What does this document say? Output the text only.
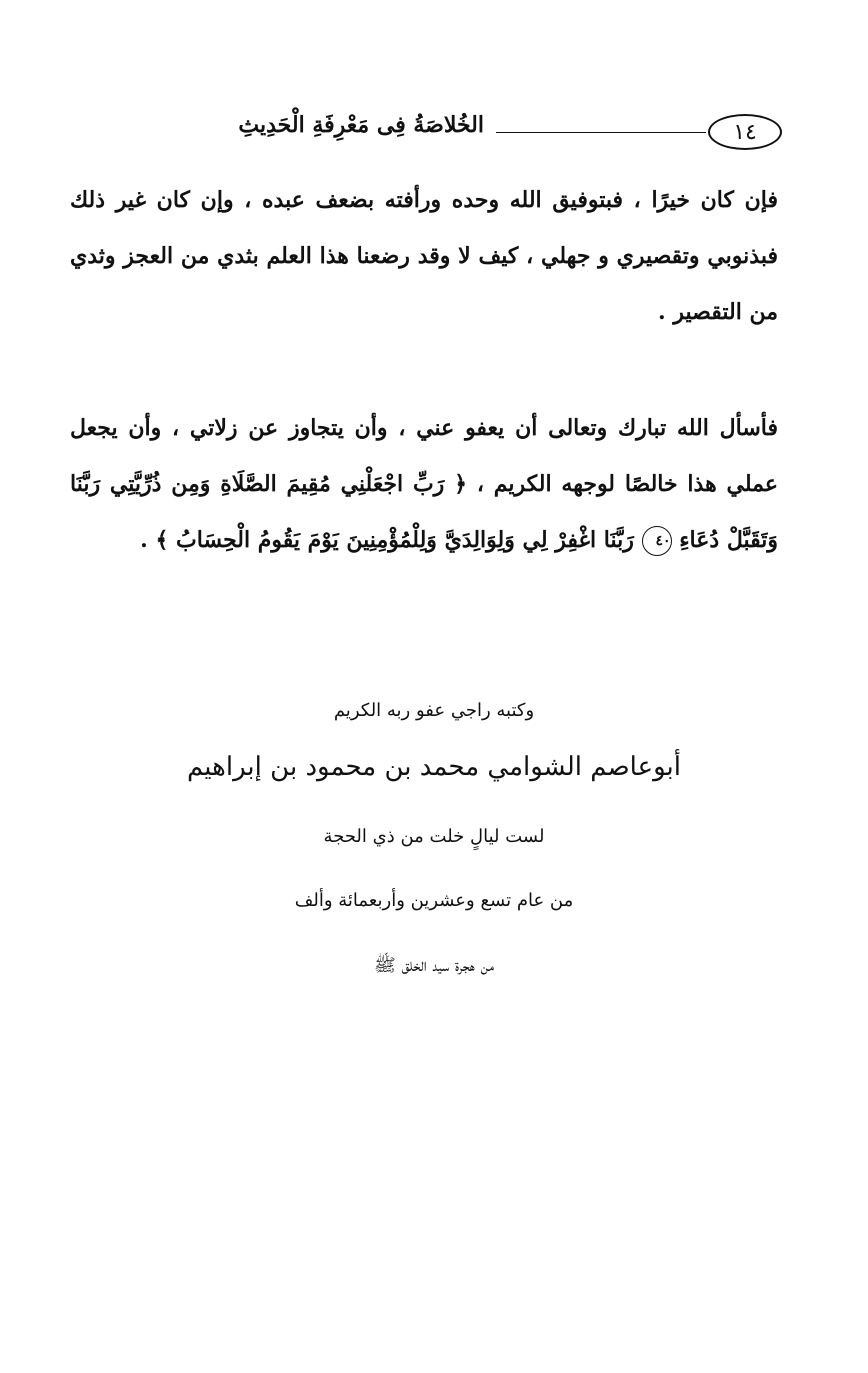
١٤
الخُلاصَةُ فِى مَعْرِفَةِ الْحَدِيثِ
فإن كان خيرًا ، فبتوفيق الله وحده ورأفته بضعف عبده ، وإن كان غير ذلك فبذنوبي وتقصيري و جهلي ، كيف لا وقد رضعنا هذا العلم بثدي من العجز وثدي من التقصير .
فأسأل الله تبارك وتعالى أن يعفو عني ، وأن يتجاوز عن زلاتي ، وأن يجعل عملي هذا خالصًا لوجهه الكريم ، ﴿ رَبِّ اجْعَلْنِي مُقِيمَ الصَّلَاةِ وَمِن ذُرِّيَّتِي رَبَّنَا وَتَقَبَّلْ دُعَاءِ ٤٠ رَبَّنَا اغْفِرْ لِي وَلِوَالِدَيَّ وَلِلْمُؤْمِنِينَ يَوْمَ يَقُومُ الْحِسَابُ ﴾ .
وكتبه راجي عفو ربه الكريم
أبوعاصم الشوامي محمد بن محمود بن إبراهيم
لست ليالٍ خلت من ذي الحجة
من عام تسع وعشرين وأربعمائة وألف
من هجرة سيد الخلق ﷺ
